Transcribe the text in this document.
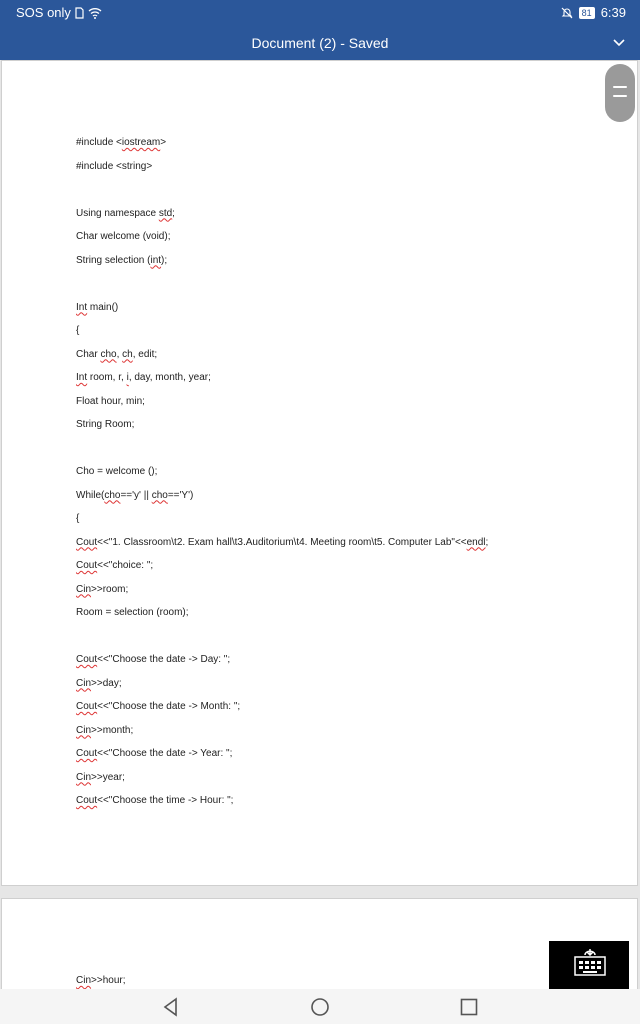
SOS only	81 6:39
Document (2) - Saved
#include <iostream>
#include <string>
Using namespace std;
Char welcome (void);
String selection (int);
Int main()
{
Char cho, ch, edit;
Int room, r, i, day, month, year;
Float hour, min;
String Room;
Cho = welcome ();
While(cho=='y' || cho=='Y')
{
Cout<<"1. Classroom\t2. Exam hall\t3.Auditorium\t4. Meeting room\t5. Computer Lab"<<endl;
Cout<<"choice: ";
Cin>>room;
Room = selection (room);
Cout<<"Choose the date -> Day: ";
Cin>>day;
Cout<<"Choose the date -> Month: ";
Cin>>month;
Cout<<"Choose the date -> Year: ";
Cin>>year;
Cout<<"Choose the time -> Hour: ";
Cin>>hour;
